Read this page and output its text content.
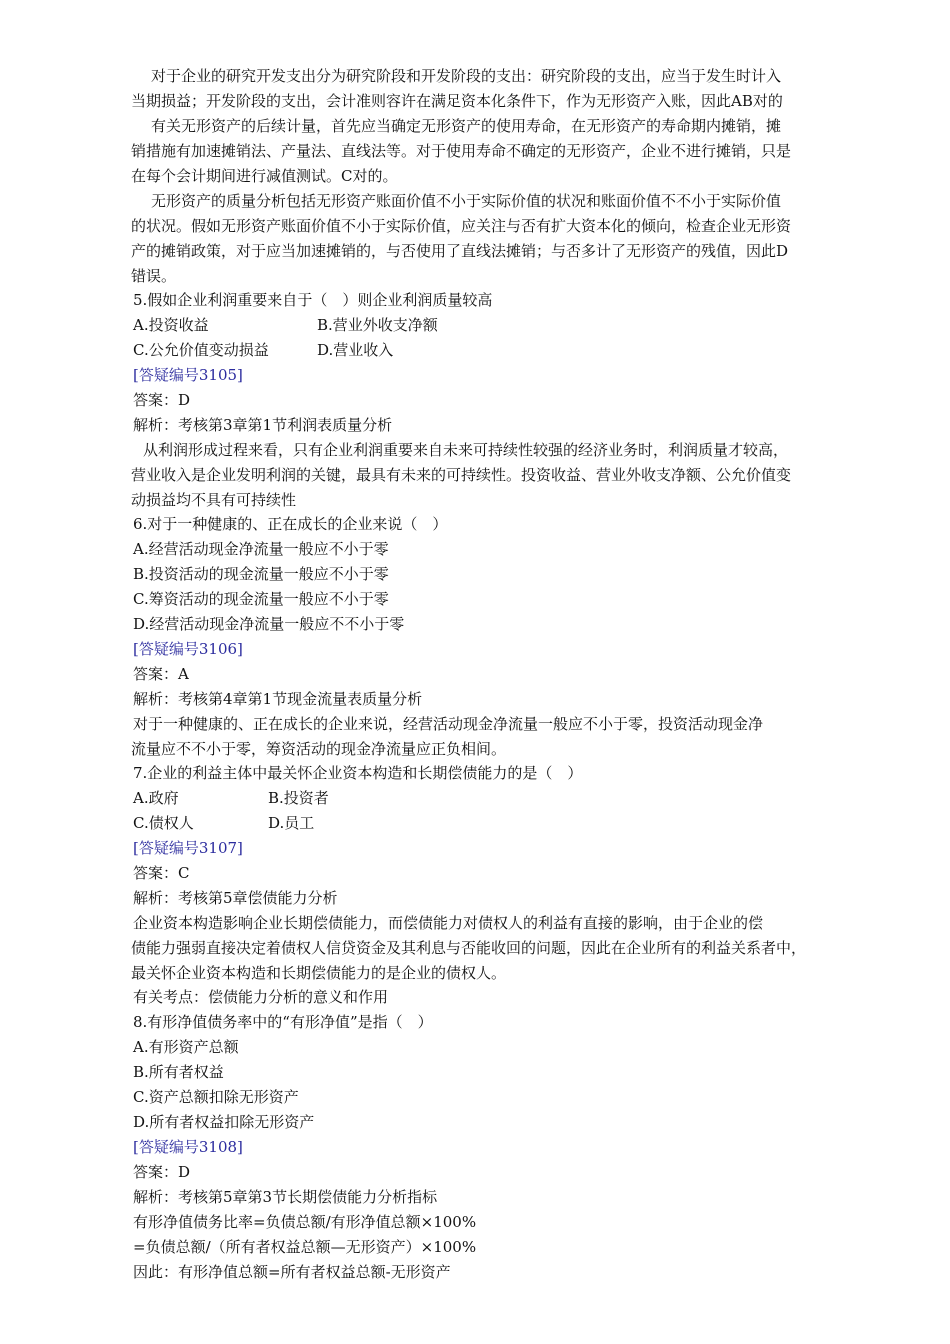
对于企业的研究开发支出分为研究阶段和开发阶段的支出：研究阶段的支出，应当于发生时计入
当期损益；开发阶段的支出，会计准则容许在满足资本化条件下，作为无形资产入账，因此AB对的
有关无形资产的后续计量，首先应当确定无形资产的使用寿命，在无形资产的寿命期内摊销，摊
销措施有加速摊销法、产量法、直线法等。对于使用寿命不确定的无形资产，企业不进行摊销，只是
在每个会计期间进行减值测试。C对的。
无形资产的质量分析包括无形资产账面价值不小于实际价值的状况和账面价值不不小于实际价值
的状况。假如无形资产账面价值不小于实际价值，应关注与否有扩大资本化的倾向，检查企业无形资
产的摊销政策，对于应当加速摊销的，与否使用了直线法摊销；与否多计了无形资产的残值，因此D
错误。
5.假如企业利润重要来自于（　）则企业利润质量较高
A.投资收益	B.营业外收支净额
C.公允价值变动损益	D.营业收入
[答疑编号3105]
答案：D
解析：考核第3章第1节利润表质量分析
从利润形成过程来看，只有企业利润重要来自未来可持续性较强的经济业务时，利润质量才较高，
营业收入是企业发明利润的关键，最具有未来的可持续性。投资收益、营业外收支净额、公允价值变
动损益均不具有可持续性
6.对于一种健康的、正在成长的企业来说（　）
A.经营活动现金净流量一般应不小于零
B.投资活动的现金流量一般应不小于零
C.筹资活动的现金流量一般应不小于零
D.经营活动现金净流量一般应不不小于零
[答疑编号3106]
答案：A
解析：考核第4章第1节现金流量表质量分析
对于一种健康的、正在成长的企业来说，经营活动现金净流量一般应不小于零，投资活动现金净
流量应不不小于零，筹资活动的现金净流量应正负相间。
7.企业的利益主体中最关怀企业资本构造和长期偿债能力的是（　）
A.政府	B.投资者
C.债权人	D.员工
[答疑编号3107]
答案：C
解析：考核第5章偿债能力分析
企业资本构造影响企业长期偿债能力，而偿债能力对债权人的利益有直接的影响，由于企业的偿
债能力强弱直接决定着债权人信贷资金及其利息与否能收回的问题，因此在企业所有的利益关系者中，
最关怀企业资本构造和长期偿债能力的是企业的债权人。
有关考点：偿债能力分析的意义和作用
8.有形净值债务率中的“有形净值”是指（　）
A.有形资产总额
B.所有者权益
C.资产总额扣除无形资产
D.所有者权益扣除无形资产
[答疑编号3108]
答案：D
解析：考核第5章第3节长期偿债能力分析指标
有形净值债务比率=负债总额/有形净值总额×100%
=负债总额/（所有者权益总额—无形资产）×100%
因此：有形净值总额=所有者权益总额-无形资产
